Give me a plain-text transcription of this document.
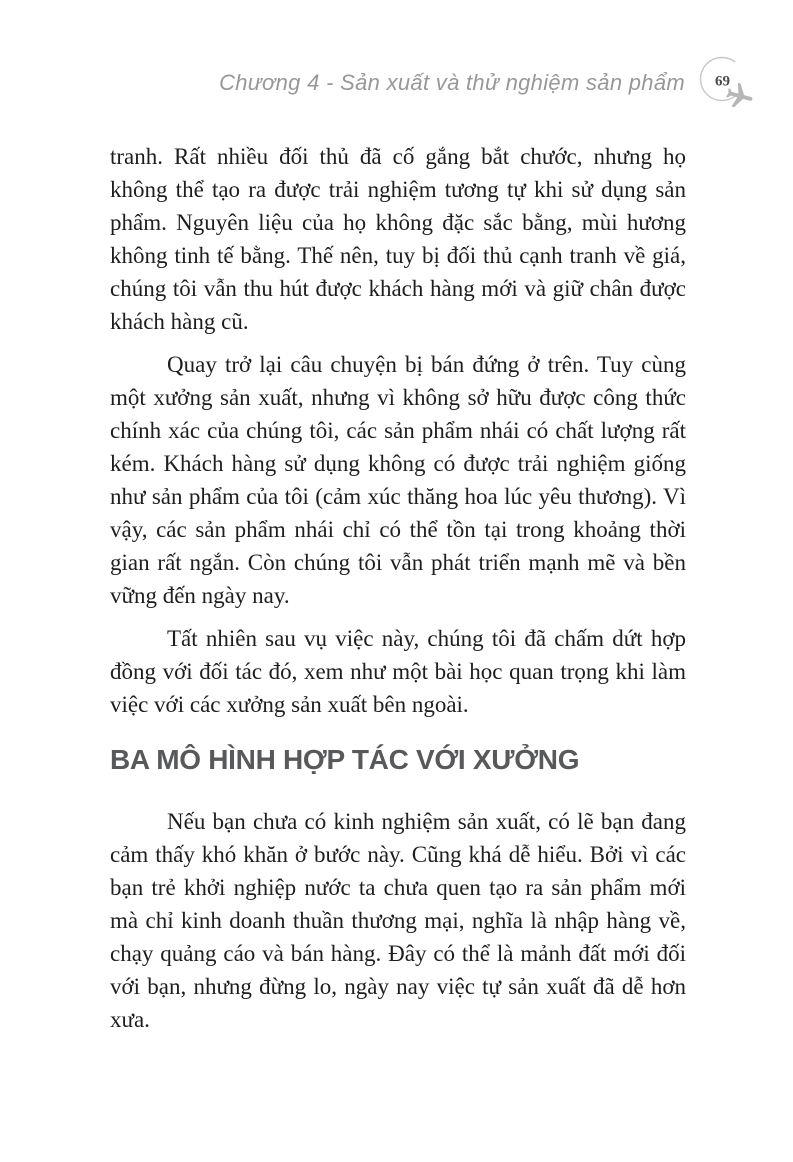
Chương 4 - Sản xuất và thử nghiệm sản phẩm 69

tranh. Rất nhiều đối thủ đã cố gắng bắt chước, nhưng họ không thể tạo ra được trải nghiệm tương tự khi sử dụng sản phẩm. Nguyên liệu của họ không đặc sắc bằng, mùi hương không tinh tế bằng. Thế nên, tuy bị đối thủ cạnh tranh về giá, chúng tôi vẫn thu hút được khách hàng mới và giữ chân được khách hàng cũ.

Quay trở lại câu chuyện bị bán đứng ở trên. Tuy cùng một xưởng sản xuất, nhưng vì không sở hữu được công thức chính xác của chúng tôi, các sản phẩm nhái có chất lượng rất kém. Khách hàng sử dụng không có được trải nghiệm giống như sản phẩm của tôi (cảm xúc thăng hoa lúc yêu thương). Vì vậy, các sản phẩm nhái chỉ có thể tồn tại trong khoảng thời gian rất ngắn. Còn chúng tôi vẫn phát triển mạnh mẽ và bền vững đến ngày nay.

Tất nhiên sau vụ việc này, chúng tôi đã chấm dứt hợp đồng với đối tác đó, xem như một bài học quan trọng khi làm việc với các xưởng sản xuất bên ngoài.

BA MÔ HÌNH HỢP TÁC VỚI XƯỞNG

Nếu bạn chưa có kinh nghiệm sản xuất, có lẽ bạn đang cảm thấy khó khăn ở bước này. Cũng khá dễ hiểu. Bởi vì các bạn trẻ khởi nghiệp nước ta chưa quen tạo ra sản phẩm mới mà chỉ kinh doanh thuần thương mại, nghĩa là nhập hàng về, chạy quảng cáo và bán hàng. Đây có thể là mảnh đất mới đối với bạn, nhưng đừng lo, ngày nay việc tự sản xuất đã dễ hơn xưa.
